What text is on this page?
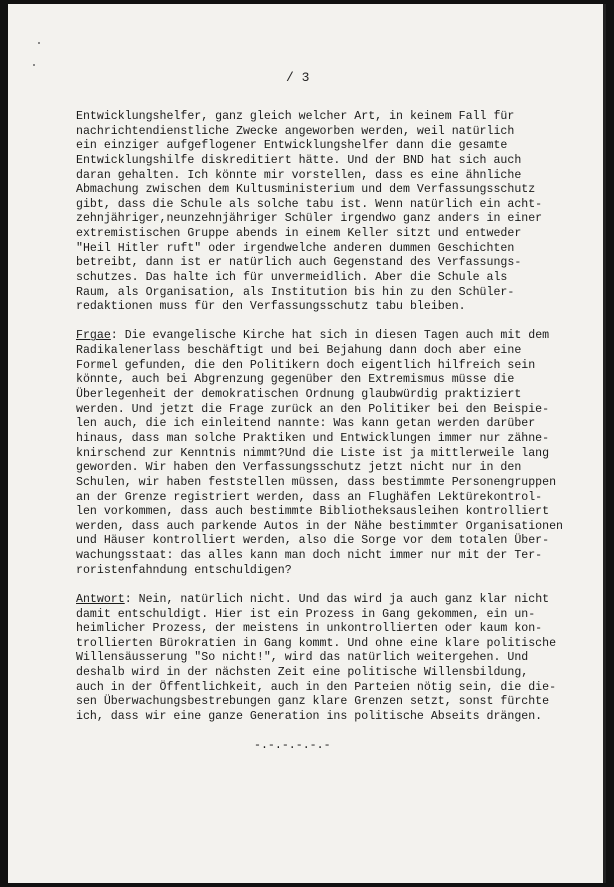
/ 3
Entwicklungshelfer, ganz gleich welcher Art, in keinem Fall für
nachrichtendienstliche Zwecke angeworben werden, weil natürlich
ein einziger aufgeflogener Entwicklungshelfer dann die gesamte
Entwicklungshilfe diskreditiert hätte. Und der BND hat sich auch
daran gehalten. Ich könnte mir vorstellen, dass es eine ähnliche
Abmachung zwischen dem Kultusministerium und dem Verfassungsschutz
gibt, dass die Schule als solche tabu ist. Wenn natürlich ein acht-
zehnjähriger,neunzehnjähriger Schüler irgendwo ganz anders in einer
extremistischen Gruppe abends in einem Keller sitzt und entweder
"Heil Hitler ruft" oder irgendwelche anderen dummen Geschichten
betreibt, dann ist er natürlich auch Gegenstand des Verfassungs-
schutzes. Das halte ich für unvermeidlich. Aber die Schule als
Raum, als Organisation, als Institution bis hin zu den Schüler-
redaktionen muss für den Verfassungsschutz tabu bleiben.
Frgae: Die evangelische Kirche hat sich in diesen Tagen auch mit dem
Radikalenerlass beschäftigt und bei Bejahung dann doch aber eine
Formel gefunden, die den Politikern doch eigentlich hilfreich sein
könnte, auch bei Abgrenzung gegenüber den Extremismus müsse die
Überlegenheit der demokratischen Ordnung glaubwürdig praktiziert
werden. Und jetzt die Frage zurück an den Politiker bei den Beispie-
len auch, die ich einleitend nannte: Was kann getan werden darüber
hinaus, dass man solche Praktiken und Entwicklungen immer nur zähne-
knirschend zur Kenntnis nimmt?Und die Liste ist ja mittlerweile lang
geworden. Wir haben den Verfassungsschutz jetzt nicht nur in den
Schulen, wir haben feststellen müssen, dass bestimmte Personengruppen
an der Grenze registriert werden, dass an Flughäfen Lektürekontrol-
len vorkommen, dass auch bestimmte Bibliotheksausleihen kontrolliert
werden, dass auch parkende Autos in der Nähe bestimmter Organisationen
und Häuser kontrolliert werden, also die Sorge vor dem totalen Über-
wachungsstaat: das alles kann man doch nicht immer nur mit der Ter-
roristenfahndung entschuldigen?
Antwort: Nein, natürlich nicht. Und das wird ja auch ganz klar nicht
damit entschuldigt. Hier ist ein Prozess in Gang gekommen, ein un-
heimlicher Prozess, der meistens in unkontrollierten oder kaum kon-
trollierten Bürokratien in Gang kommt. Und ohne eine klare politische
Willensäusserung "So nicht!", wird das natürlich weitergehen. Und
deshalb wird in der nächsten Zeit eine politische Willensbildung,
auch in der Öffentlichkeit, auch in den Parteien nötig sein, die die-
sen Überwachungsbestrebungen ganz klare Grenzen setzt, sonst fürchte
ich, dass wir eine ganze Generation ins politische Abseits drängen.
-.-.-.-.-.-
